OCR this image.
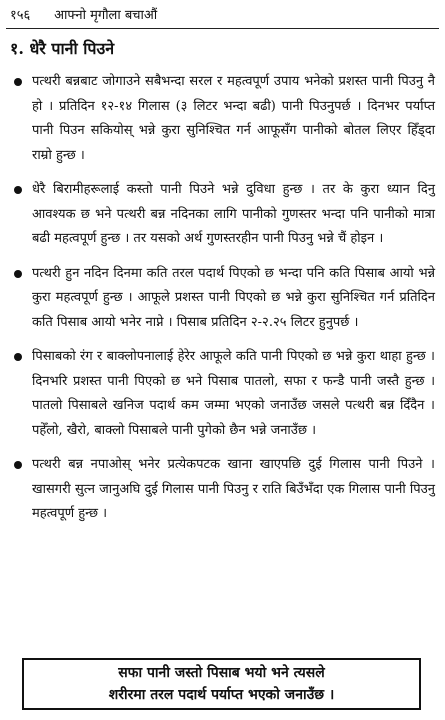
१५६ आफ्नो मृगौला बचाऔं
१. धेरै पानी पिउने
पत्थरी बन्नबाट जोगाउने सबैभन्दा सरल र महत्वपूर्ण उपाय भनेको प्रशस्त पानी पिउनु नै हो । प्रतिदिन १२-१४ गिलास (३ लिटर भन्दा बढी) पानी पिउनुपर्छ । दिनभर पर्याप्त पानी पिउन सकियोस् भन्ने कुरा सुनिश्चित गर्न आफूसँग पानीको बोतल लिएर हिँड्दा राम्रो हुन्छ ।
धेरै बिरामीहरूलाई कस्तो पानी पिउने भन्ने दुविधा हुन्छ । तर के कुरा ध्यान दिनु आवश्यक छ भने पत्थरी बन्न नदिनका लागि पानीको गुणस्तर भन्दा पनि पानीको मात्रा बढी महत्वपूर्ण हुन्छ । तर यसको अर्थ गुणस्तरहीन पानी पिउनु भन्ने चैं होइन ।
पत्थरी हुन नदिन दिनमा कति तरल पदार्थ पिएको छ भन्दा पनि कति पिसाब आयो भन्ने कुरा महत्वपूर्ण हुन्छ । आफूले प्रशस्त पानी पिएको छ भन्ने कुरा सुनिश्चित गर्न प्रतिदिन कति पिसाब आयो भनेर नाप्ने । पिसाब प्रतिदिन २-२.२५ लिटर हुनुपर्छ ।
पिसाबको रंग र बाक्लोपनालाई हेरेर आफूले कति पानी पिएको छ भन्ने कुरा थाहा हुन्छ । दिनभरि प्रशस्त पानी पिएको छ भने पिसाब पातलो, सफा र फन्डै पानी जस्तै हुन्छ । पातलो पिसाबले खनिज पदार्थ कम जम्मा भएको जनाउँछ जसले पत्थरी बन्न दिँदैन । पहेँलो, खैरो, बाक्लो पिसाबले पानी पुगेको छैन भन्ने जनाउँछ ।
पत्थरी बन्न नपाओस् भनेर प्रत्येकपटक खाना खाएपछि दुई गिलास पानी पिउने । खासगरी सुत्न जानुअघि दुई गिलास पानी पिउनु र राति बिउँभँदा एक गिलास पानी पिउनु महत्वपूर्ण हुन्छ ।
सफा पानी जस्तो पिसाब भयो भने त्यसले
शरीरमा तरल पदार्थ पर्याप्त भएको जनाउँछ ।
